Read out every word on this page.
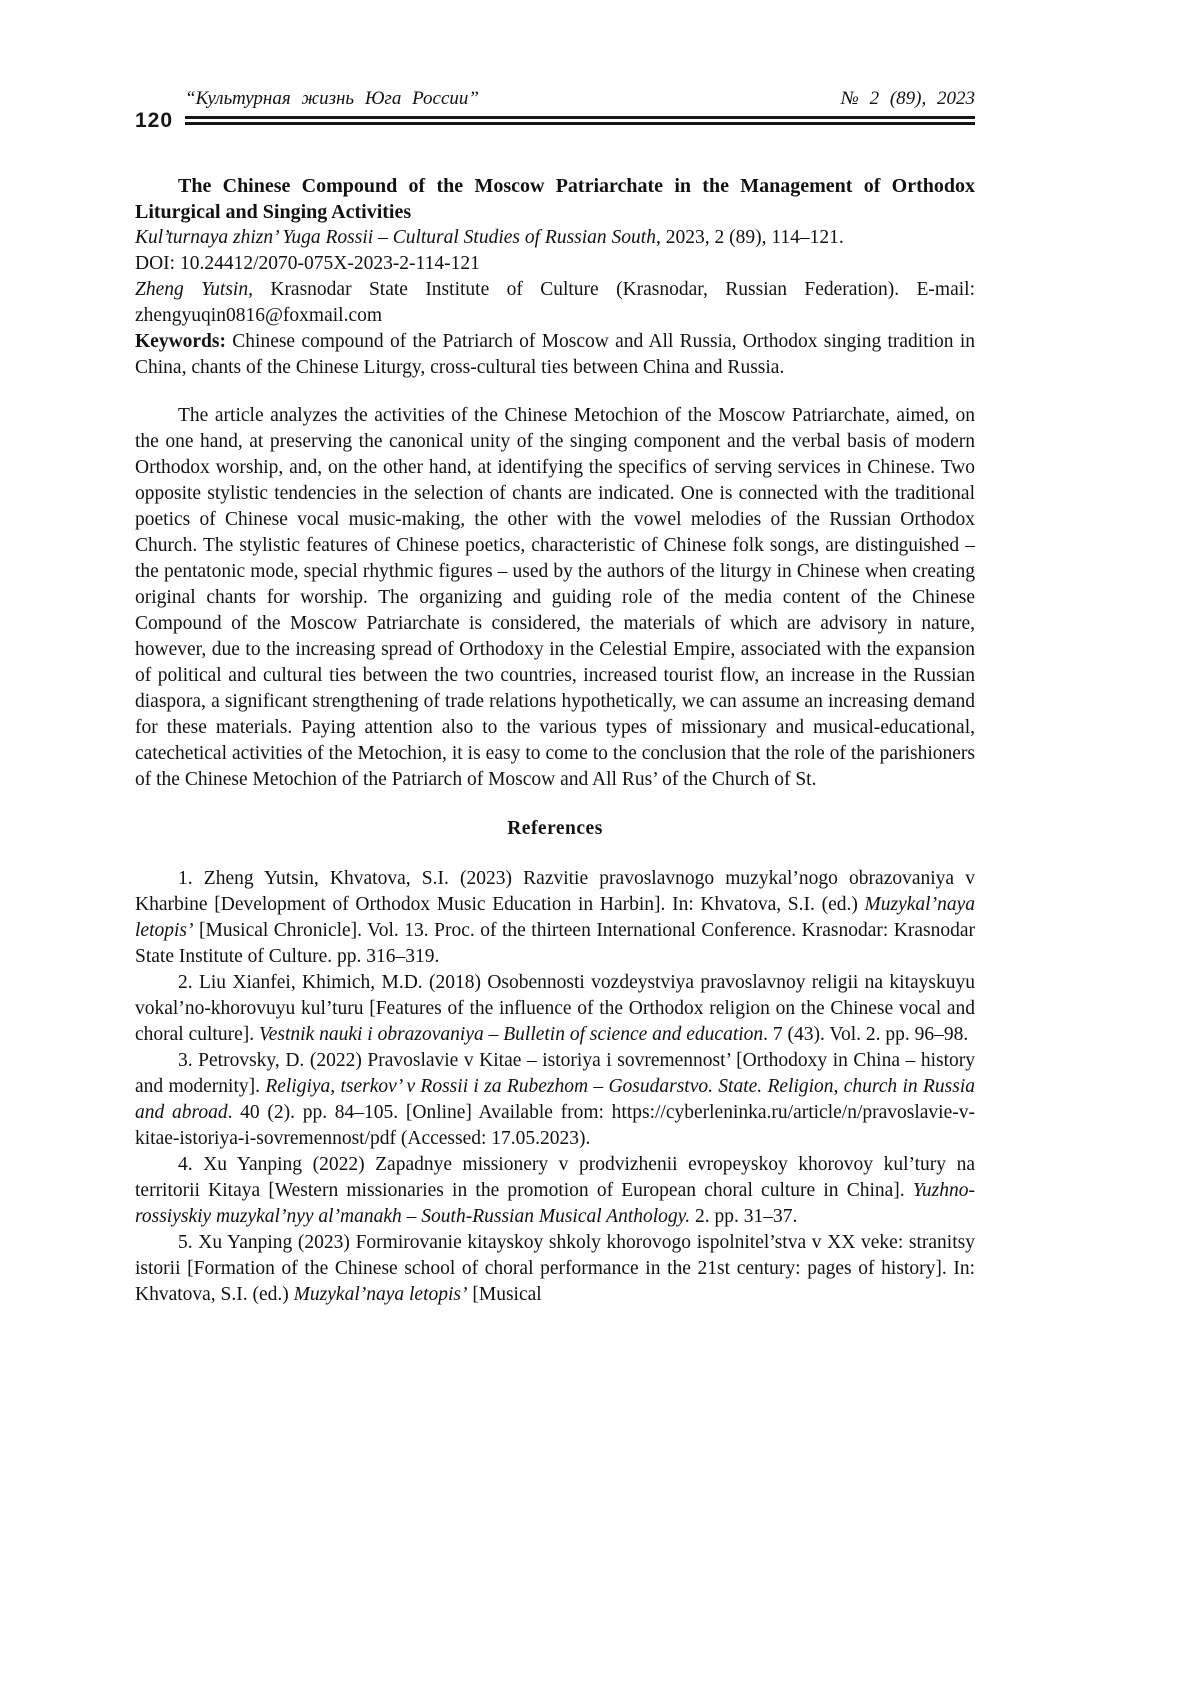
“Культурная жизнь Юга России”	№ 2 (89), 2023
120
The Chinese Compound of the Moscow Patriarchate in the Management of Orthodox Liturgical and Singing Activities

Kul’turnaya zhizn’ Yuga Rossii – Cultural Studies of Russian South, 2023, 2 (89), 114–121.

DOI: 10.24412/2070-075X-2023-2-114-121

Zheng Yutsin, Krasnodar State Institute of Culture (Krasnodar, Russian Federation). E-mail: zhengyuqin0816@foxmail.com

Keywords: Chinese compound of the Patriarch of Moscow and All Russia, Orthodox singing tradition in China, chants of the Chinese Liturgy, cross-cultural ties between China and Russia.

The article analyzes the activities of the Chinese Metochion of the Moscow Patriarchate, aimed, on the one hand, at preserving the canonical unity of the singing component and the verbal basis of modern Orthodox worship, and, on the other hand, at identifying the specifics of serving services in Chinese. Two opposite stylistic tendencies in the selection of chants are indicated. One is connected with the traditional poetics of Chinese vocal music-making, the other with the vowel melodies of the Russian Orthodox Church. The stylistic features of Chinese poetics, characteristic of Chinese folk songs, are distinguished – the pentatonic mode, special rhythmic figures – used by the authors of the liturgy in Chinese when creating original chants for worship. The organizing and guiding role of the media content of the Chinese Compound of the Moscow Patriarchate is considered, the materials of which are advisory in nature, however, due to the increasing spread of Orthodoxy in the Celestial Empire, associated with the expansion of political and cultural ties between the two countries, increased tourist flow, an increase in the Russian diaspora, a significant strengthening of trade relations hypothetically, we can assume an increasing demand for these materials. Paying attention also to the various types of missionary and musical-educational, catechetical activities of the Metochion, it is easy to come to the conclusion that the role of the parishioners of the Chinese Metochion of the Patriarch of Moscow and All Rus’ of the Church of St.

References

1. Zheng Yutsin, Khvatova, S.I. (2023) Razvitie pravoslavnogo muzykal’nogo obrazovaniya v Kharbine [Development of Orthodox Music Education in Harbin]. In: Khvatova, S.I. (ed.) Muzykal’naya letopis’ [Musical Chronicle]. Vol. 13. Proc. of the thirteen International Conference. Krasnodar: Krasnodar State Institute of Culture. pp. 316–319.

2. Liu Xianfei, Khimich, M.D. (2018) Osobennosti vozdeystviya pravoslavnoy religii na kitayskuyu vokal’no-khorovuyu kul’turu [Features of the influence of the Orthodox religion on the Chinese vocal and choral culture]. Vestnik nauki i obrazovaniya – Bulletin of science and education. 7 (43). Vol. 2. pp. 96–98.

3. Petrovsky, D. (2022) Pravoslavie v Kitae – istoriya i sovremennost’ [Orthodoxy in China – history and modernity]. Religiya, tserkov’ v Rossii i za Rubezhom – Gosudarstvo. State. Religion, church in Russia and abroad. 40 (2). pp. 84–105. [Online] Available from: https://cyberleninka.ru/article/n/pravoslavie-v-kitae-istoriya-i-sovremennost/pdf (Accessed: 17.05.2023).

4. Xu Yanping (2022) Zapadnye missionery v prodvizhenii evropeyskoy khorovoy kul’tury na territorii Kitaya [Western missionaries in the promotion of European choral culture in China]. Yuzhno-rossiyskiy muzykal’nyy al’manakh – South-Russian Musical Anthology. 2. pp. 31–37.

5. Xu Yanping (2023) Formirovanie kitayskoy shkoly khorovogo ispolnitel’stva v XX veke: stranitsy istorii [Formation of the Chinese school of choral performance in the 21st century: pages of history]. In: Khvatova, S.I. (ed.) Muzykal’naya letopis’ [Musical
